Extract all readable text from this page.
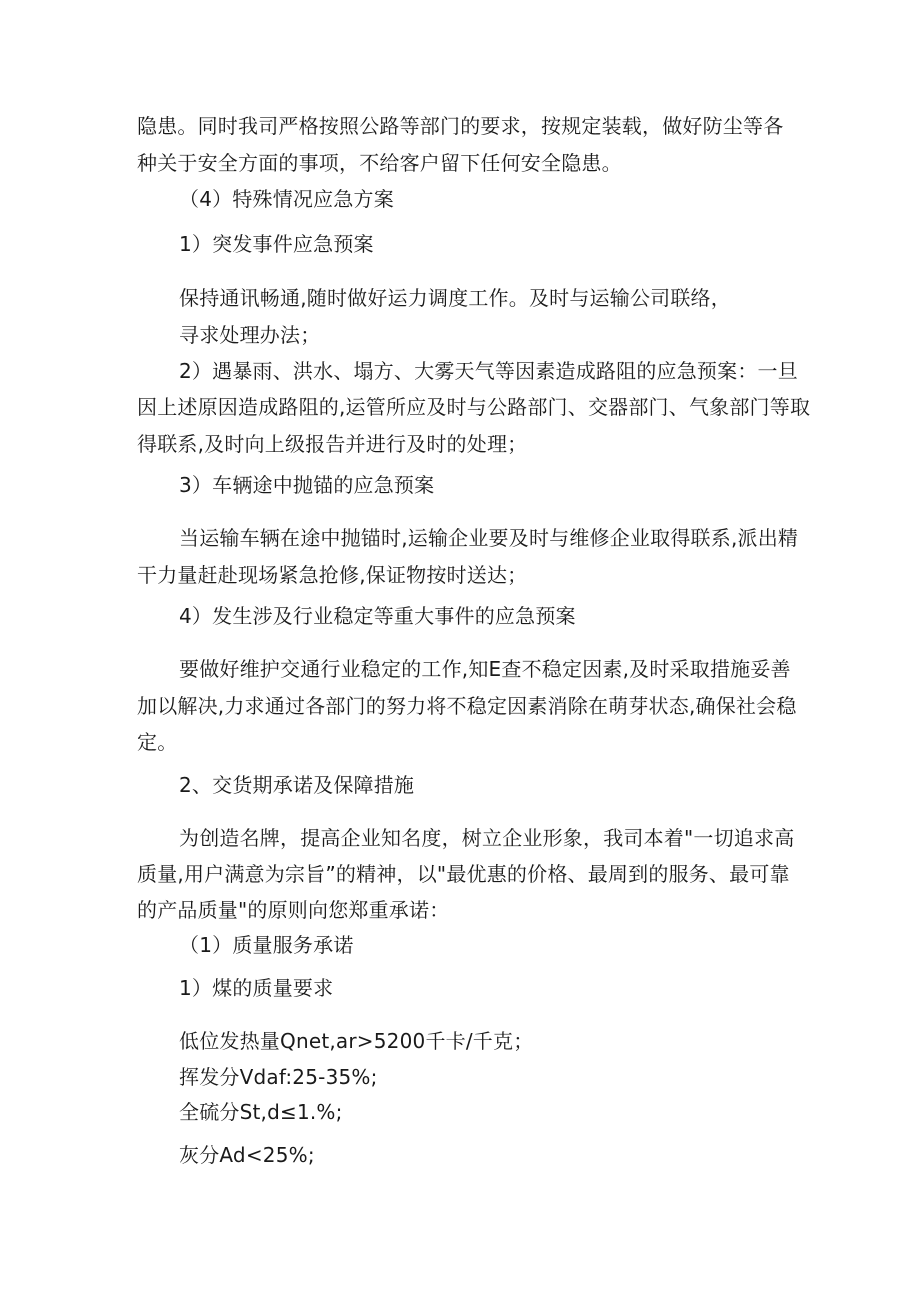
隐患。同时我司严格按照公路等部门的要求，按规定装载，做好防尘等各
种关于安全方面的事项，不给客户留下任何安全隐患。
（4）特殊情况应急方案
1）突发事件应急预案
保持通讯畅通,随时做好运力调度工作。及时与运输公司联络，
寻求处理办法；
2）遇暴雨、洪水、塌方、大雾天气等因素造成路阻的应急预案：一旦
因上述原因造成路阻的,运管所应及时与公路部门、交器部门、气象部门等取
得联系,及时向上级报告并进行及时的处理；
3）车辆途中抛锚的应急预案
当运输车辆在途中抛锚时,运输企业要及时与维修企业取得联系,派出精
干力量赶赴现场紧急抢修,保证物按时送达；
4）发生涉及行业稳定等重大事件的应急预案
要做好维护交通行业稳定的工作,知E查不稳定因素,及时采取措施妥善
加以解决,力求通过各部门的努力将不稳定因素消除在萌芽状态,确保社会稳
定。
2、交货期承诺及保障措施
为创造名牌，提高企业知名度，树立企业形象，我司本着"一切追求高
质量,用户满意为宗旨”的精神，以"最优惠的价格、最周到的服务、最可靠
的产品质量"的原则向您郑重承诺：
（1）质量服务承诺
1）煤的质量要求
低位发热量Qnet,ar>5200千卡/千克；
挥发分Vdaf:25-35%;
全硫分St,d≤1.%;
灰分Ad<25%;
